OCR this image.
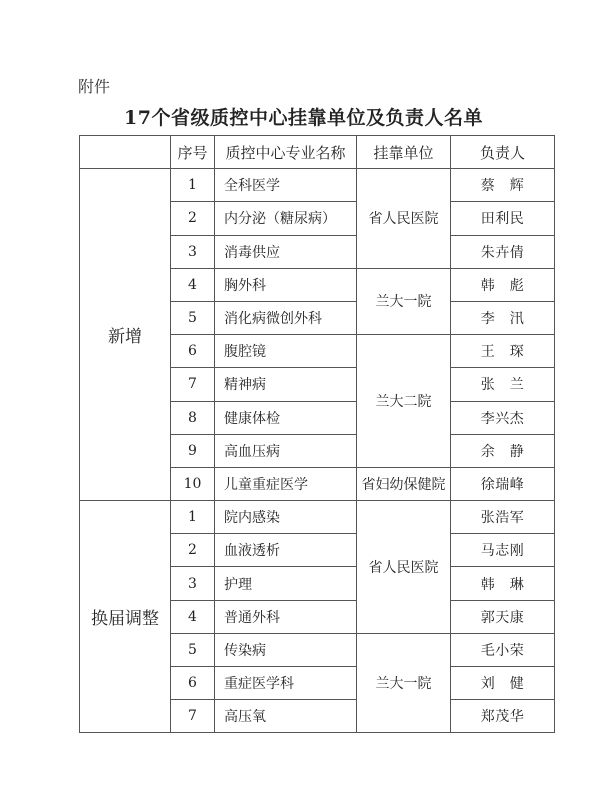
附件
17个省级质控中心挂靠单位及负责人名单
	序号	质控中心专业名称	挂靠单位	负责人
新增	1	全科医学	省人民医院	蔡　辉
	2	内分泌（糖尿病）		田利民
	3	消毒供应		朱卉倩
	4	胸外科	兰大一院	韩　彪
	5	消化病微创外科		李　汛
	6	腹腔镜	兰大二院	王　琛
	7	精神病		张　兰
	8	健康体检		李兴杰
	9	高血压病		余　静
	10	儿童重症医学	省妇幼保健院	徐瑞峰
换届调整	1	院内感染	省人民医院	张浩军
	2	血液透析		马志刚
	3	护理		韩　琳
	4	普通外科		郭天康
	5	传染病	兰大一院	毛小荣
	6	重症医学科		刘　健
	7	高压氧		郑茂华
